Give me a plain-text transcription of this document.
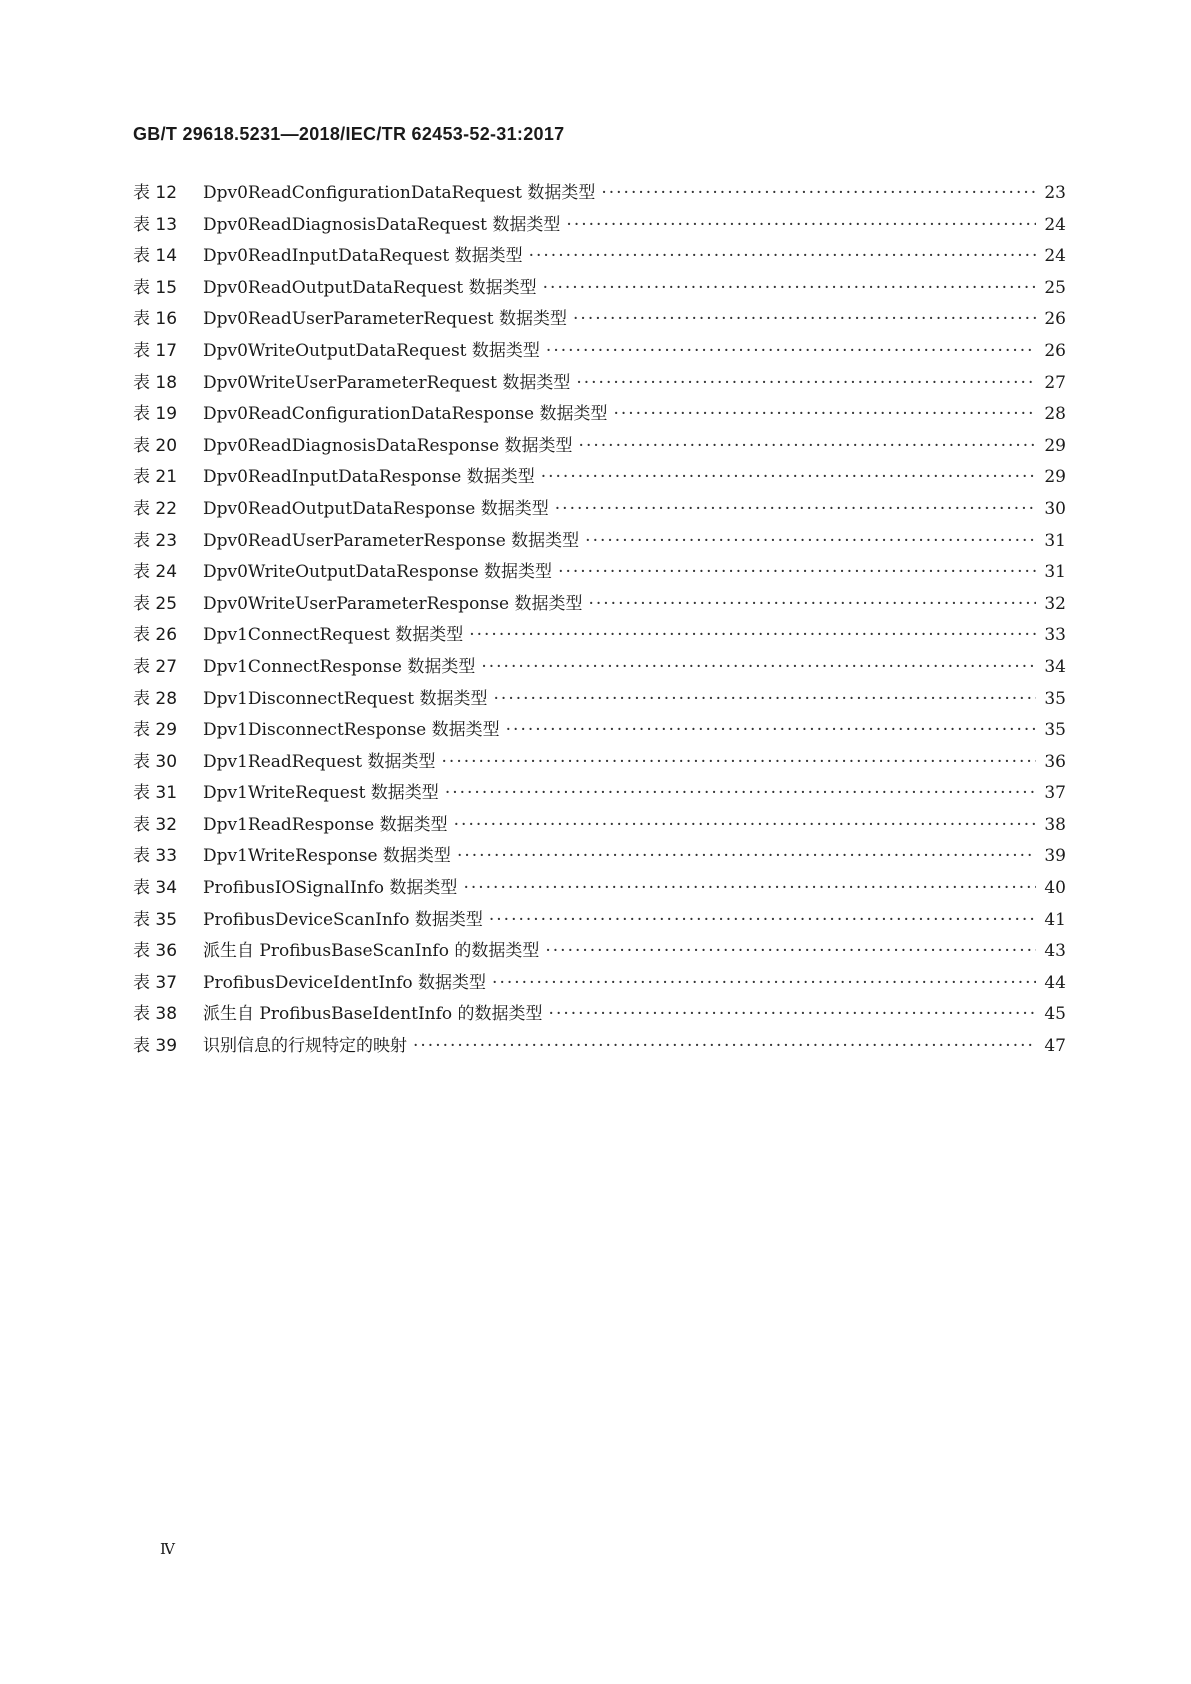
GB/T 29618.5231—2018/IEC/TR 62453-52-31:2017
表 12	Dpv0ReadConfigurationDataRequest 数据类型 ·····	23
表 13	Dpv0ReadDiagnosisDataRequest 数据类型 ·····	24
表 14	Dpv0ReadInputDataRequest 数据类型 ·····	24
表 15	Dpv0ReadOutputDataRequest 数据类型 ·····	25
表 16	Dpv0ReadUserParameterRequest 数据类型 ·····	26
表 17	Dpv0WriteOutputDataRequest 数据类型 ·····	26
表 18	Dpv0WriteUserParameterRequest 数据类型 ·····	27
表 19	Dpv0ReadConfigurationDataResponse 数据类型 ·····	28
表 20	Dpv0ReadDiagnosisDataResponse 数据类型 ·····	29
表 21	Dpv0ReadInputDataResponse 数据类型 ·····	29
表 22	Dpv0ReadOutputDataResponse 数据类型 ·····	30
表 23	Dpv0ReadUserParameterResponse 数据类型 ·····	31
表 24	Dpv0WriteOutputDataResponse 数据类型 ·····	31
表 25	Dpv0WriteUserParameterResponse 数据类型 ·····	32
表 26	Dpv1ConnectRequest 数据类型 ·····	33
表 27	Dpv1ConnectResponse 数据类型 ·····	34
表 28	Dpv1DisconnectRequest 数据类型 ·····	35
表 29	Dpv1DisconnectResponse 数据类型 ·····	35
表 30	Dpv1ReadRequest 数据类型 ·····	36
表 31	Dpv1WriteRequest 数据类型 ·····	37
表 32	Dpv1ReadResponse 数据类型 ·····	38
表 33	Dpv1WriteResponse 数据类型 ·····	39
表 34	ProfibusIOSignalInfo 数据类型 ·····	40
表 35	ProfibusDeviceScanInfo 数据类型 ·····	41
表 36	派生自 ProfibusBaseScanInfo 的数据类型 ·····	43
表 37	ProfibusDeviceIdentInfo 数据类型 ·····	44
表 38	派生自 ProfibusBaseIdentInfo 的数据类型 ·····	45
表 39	识别信息的行规特定的映射 ·····	47
Ⅳ
